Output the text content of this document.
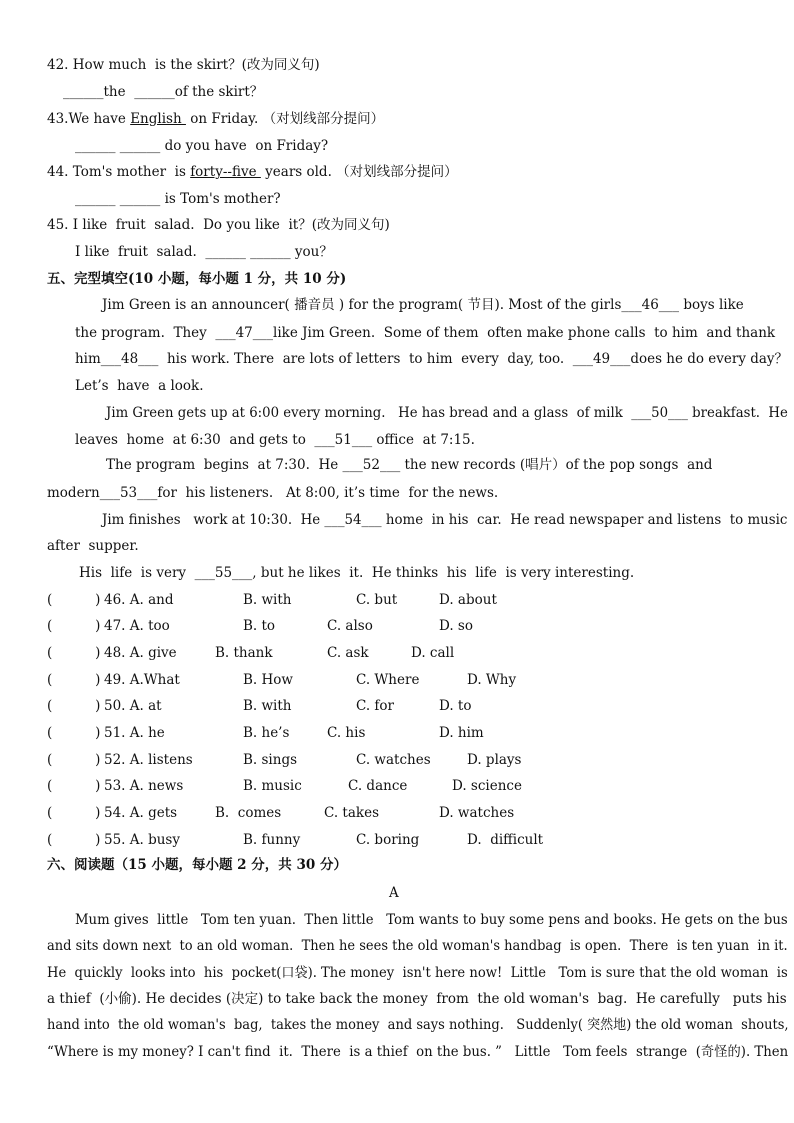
42. How much  is the skirt？(改为同义句)
______the  ______of the skirt？
43.We have English  on Friday. （对划线部分提问）
______ ______ do you have  on Friday?
44. Tom's mother  is forty--five  years old. （对划线部分提问）
______ ______ is Tom's mother?
45. I like  fruit  salad.  Do you like  it？(改为同义句)
I like  fruit  salad.  ______ ______ you？
五、完型填空(10 小题，每小题 1 分，共 10 分)
Jim Green is an announcer( 播音员 ) for the program( 节目). Most of the girls___46___ boys like
the program.  They  ___47___like Jim Green.  Some of them  often make phone calls  to him  and thank
him___48___  his work. There  are lots of letters  to him  every  day, too.  ___49___does he do every day？
Let’s  have  a look.
Jim Green gets up at 6:00 every morning.   He has bread and a glass  of milk  ___50___ breakfast.  He
leaves  home  at 6:30  and gets to  ___51___ office  at 7:15.
The program  begins  at 7:30.  He ___52___ the new records (唱片）of the pop songs  and
modern___53___for  his listeners.   At 8:00, it’s time  for the news.
Jim finishes   work at 10:30.  He ___54___ home  in his  car.  He read newspaper and listens  to music
after  supper.
His  life  is very  ___55___, but he likes  it.  He thinks  his  life  is very interesting.
(          ) 46. A. and	B. with	C. but	D. about
(          ) 47. A. too	B. to	C. also	D. so
(          ) 48. A. give	B. thank	C. ask	D. call
(          ) 49. A.What	B. How	C. Where	D. Why
(          ) 50. A. at	B. with	C. for	D. to
(          ) 51. A. he	B. he’s	C. his	D. him
(          ) 52. A. listens	B. sings	C. watches	D. plays
(          ) 53. A. news	B. music	C. dance	D. science
(          ) 54. A. gets	B.  comes	C. takes	D. watches
(          ) 55. A. busy	B. funny	C. boring	D.  difficult
六、阅读题（15 小题，每小题 2 分，共 30 分）
A
Mum gives  little   Tom ten yuan.  Then little   Tom wants to buy some pens and books. He gets on the bus
and sits down next  to an old woman.  Then he sees the old woman's handbag  is open.  There  is ten yuan  in it.
He  quickly  looks into  his  pocket(口袋). The money  isn't here now!  Little   Tom is sure that the old woman  is
a thief  (小偷). He decides (决定) to take back the money  from  the old woman's  bag.  He carefully   puts his
hand into  the old woman's  bag,  takes the money  and says nothing.   Suddenly( 突然地) the old woman  shouts,
“Where is my money? I can't find  it.  There  is a thief  on the bus. ”   Little   Tom feels  strange  (奇怪的). Then
